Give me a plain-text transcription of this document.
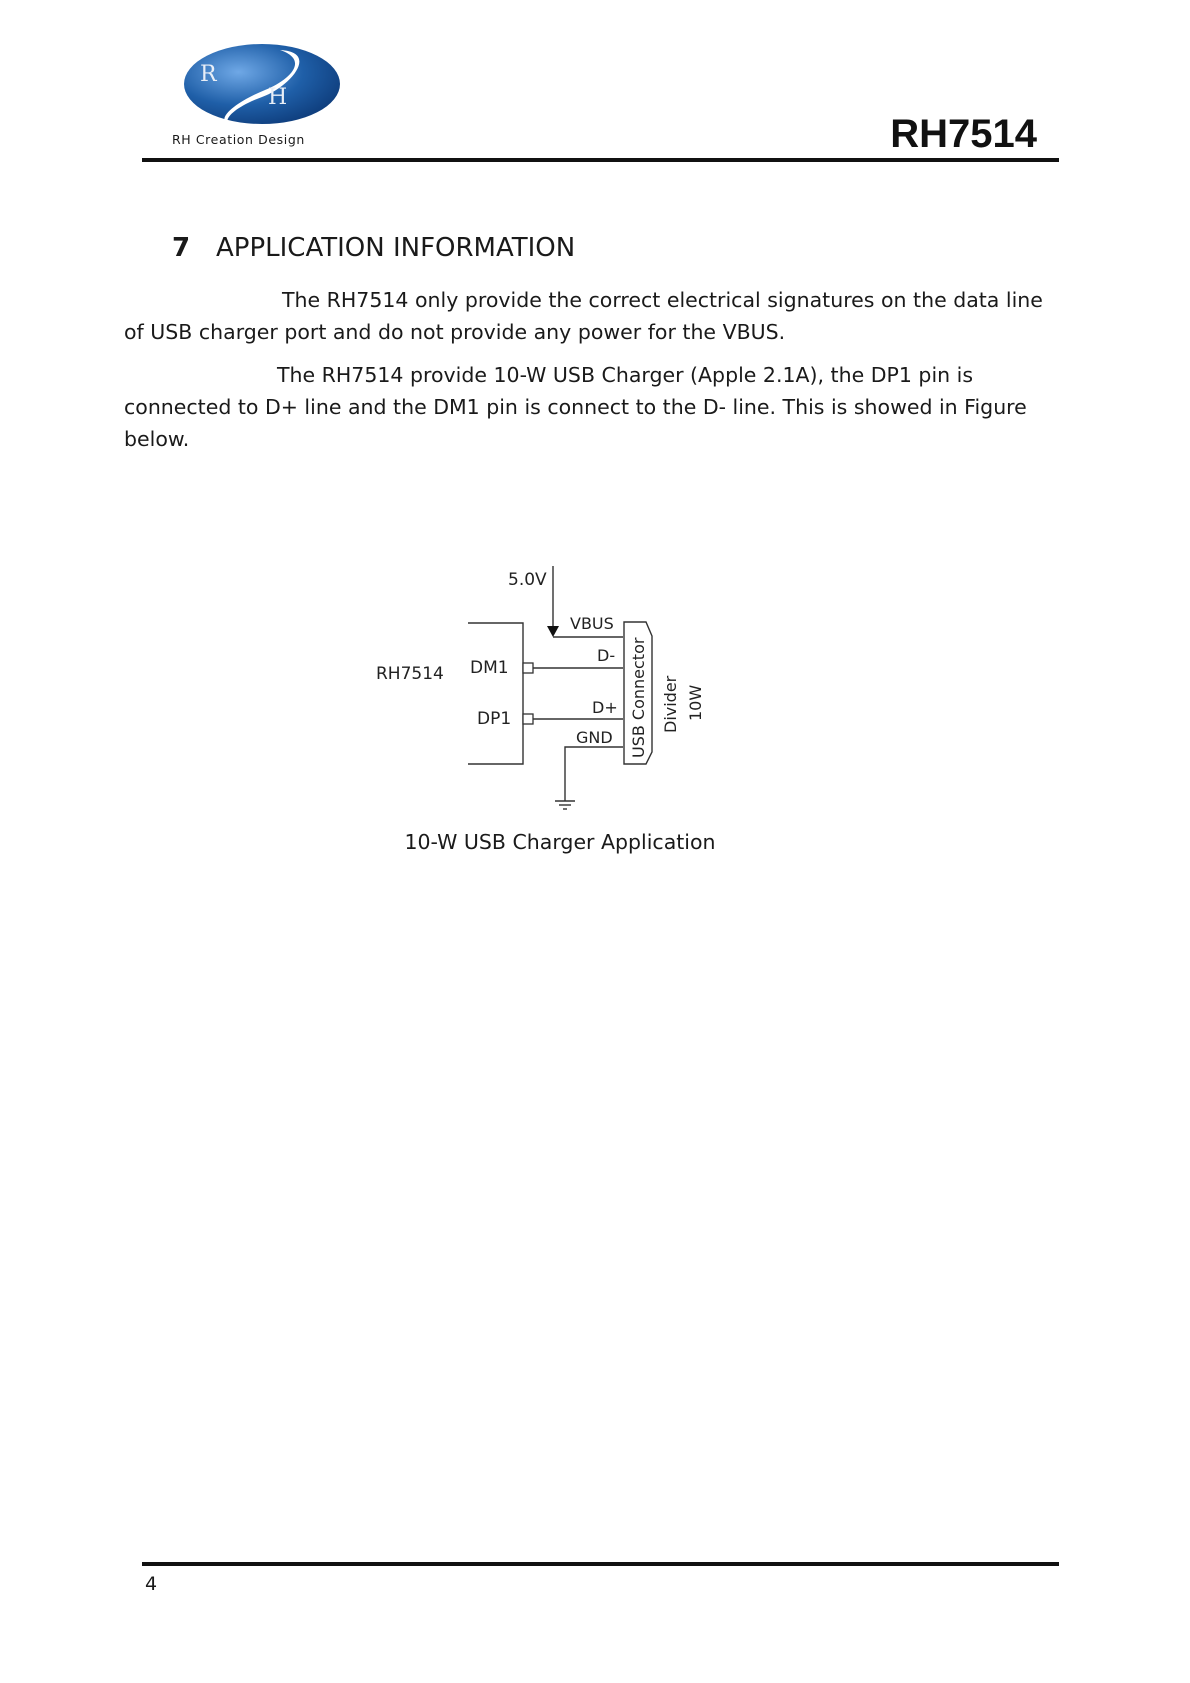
R
H
RH Creation Design	RH7514
7 APPLICATION INFORMATION
The RH7514 only provide the correct electrical signatures on the data line of USB charger port and do not provide any power for the VBUS.
The RH7514 provide 10-W USB Charger (Apple 2.1A), the DP1 pin is connected to D+ line and the DM1 pin is connect to the D- line. This is showed in Figure below.
5.0V
RH7514 DM1
DP1
VBUS
D-
D+
GND USB Connector Divider 10W
10-W USB Charger Application
4
